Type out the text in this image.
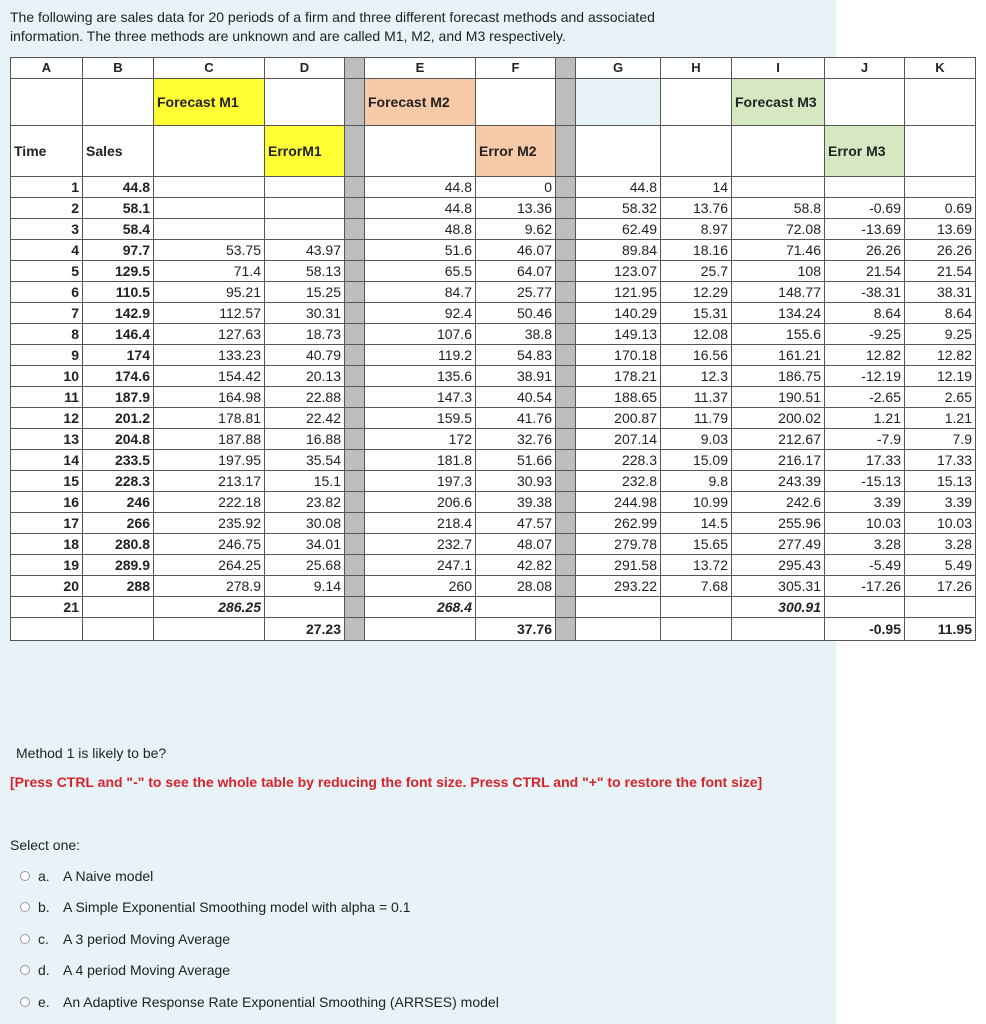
The following are sales data for 20 periods of a firm and three different forecast methods and associated

information. The three methods are unknown and are called M1, M2, and M3 respectively.

A	B	C	D		E	F		G	H	I	J	K
		Forecast M1			Forecast M2					Forecast M3		
Time	Sales		ErrorM1			Error M2					Error M3	
1	44.8				44.8	0		44.8	14			
2	58.1				44.8	13.36		58.32	13.76	58.8	-0.69	0.69
3	58.4				48.8	9.62		62.49	8.97	72.08	-13.69	13.69
4	97.7	53.75	43.97		51.6	46.07		89.84	18.16	71.46	26.26	26.26
5	129.5	71.4	58.13		65.5	64.07		123.07	25.7	108	21.54	21.54
6	110.5	95.21	15.25		84.7	25.77		121.95	12.29	148.77	-38.31	38.31
7	142.9	112.57	30.31		92.4	50.46		140.29	15.31	134.24	8.64	8.64
8	146.4	127.63	18.73		107.6	38.8		149.13	12.08	155.6	-9.25	9.25
9	174	133.23	40.79		119.2	54.83		170.18	16.56	161.21	12.82	12.82
10	174.6	154.42	20.13		135.6	38.91		178.21	12.3	186.75	-12.19	12.19
11	187.9	164.98	22.88		147.3	40.54		188.65	11.37	190.51	-2.65	2.65
12	201.2	178.81	22.42		159.5	41.76		200.87	11.79	200.02	1.21	1.21
13	204.8	187.88	16.88		172	32.76		207.14	9.03	212.67	-7.9	7.9
14	233.5	197.95	35.54		181.8	51.66		228.3	15.09	216.17	17.33	17.33
15	228.3	213.17	15.1		197.3	30.93		232.8	9.8	243.39	-15.13	15.13
16	246	222.18	23.82		206.6	39.38		244.98	10.99	242.6	3.39	3.39
17	266	235.92	30.08		218.4	47.57		262.99	14.5	255.96	10.03	10.03
18	280.8	246.75	34.01		232.7	48.07		279.78	15.65	277.49	3.28	3.28
19	289.9	264.25	25.68		247.1	42.82		291.58	13.72	295.43	-5.49	5.49
20	288	278.9	9.14		260	28.08		293.22	7.68	305.31	-17.26	17.26
21		286.25			268.4					300.91		
			27.23			37.76					-0.95	11.95
Method 1 is likely to be?
[Press CTRL and "-" to see the whole table by reducing the font size. Press CTRL and "+" to restore the font size]
Select one:
a. A Naive model
b. A Simple Exponential Smoothing model with alpha = 0.1
c.	A 3 period Moving Average
d. A 4 period Moving Average
e. An Adaptive Response Rate Exponential Smoothing (ARRSES) model
